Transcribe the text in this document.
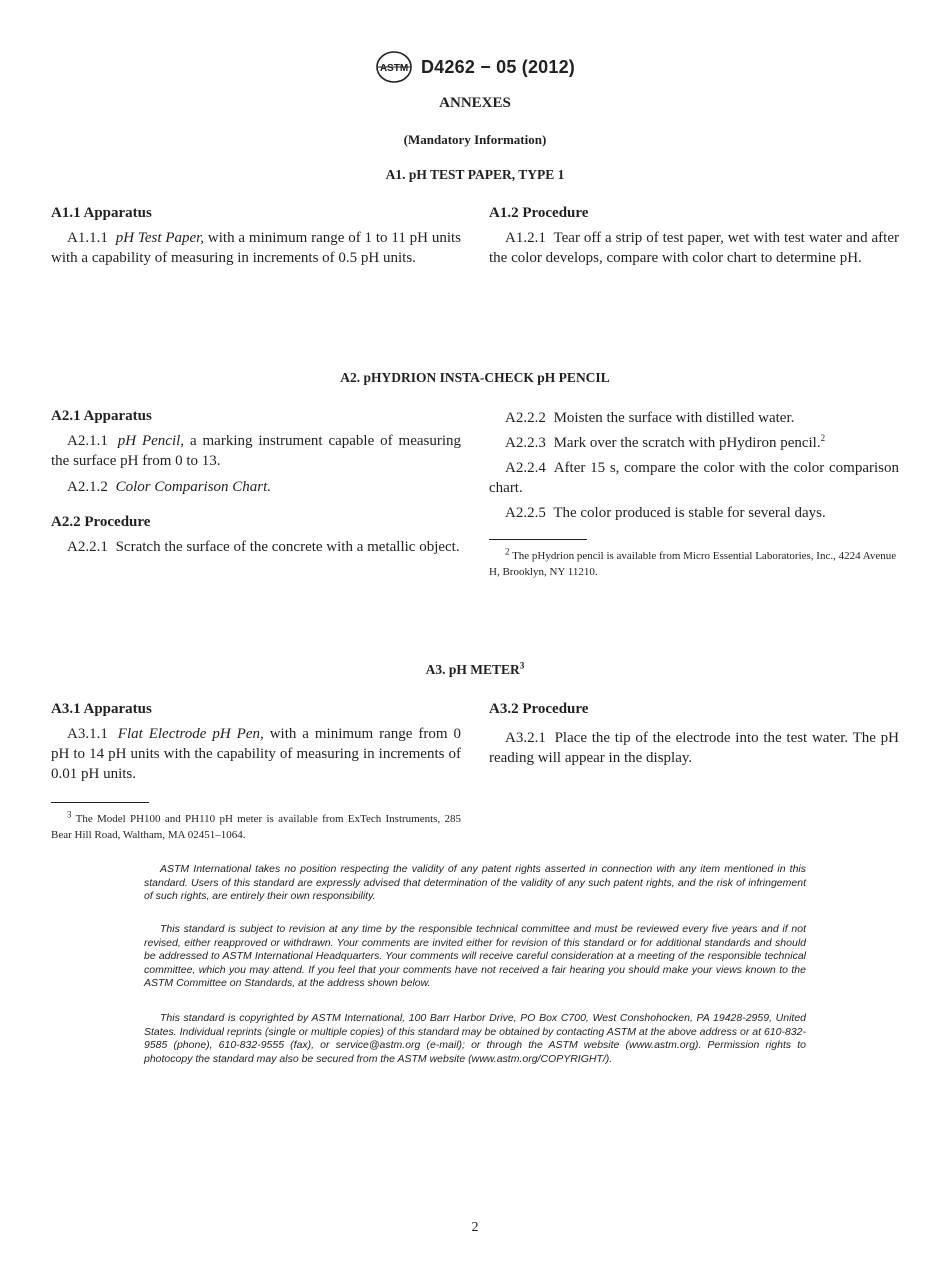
ASTM D4262 − 05 (2012)
ANNEXES
(Mandatory Information)
A1. pH TEST PAPER, TYPE 1
A1.1 Apparatus

A1.1.1 pH Test Paper, with a minimum range of 1 to 11 pH units with a capability of measuring in increments of 0.5 pH units.

A1.2 Procedure

A1.2.1 Tear off a strip of test paper, wet with test water and after the color develops, compare with color chart to determine pH.

A2. pHYDRION INSTA-CHECK pH PENCIL
A2.1 Apparatus

A2.1.1 pH Pencil, a marking instrument capable of measuring the surface pH from 0 to 13.

A2.1.2 Color Comparison Chart.

A2.2 Procedure

A2.2.1 Scratch the surface of the concrete with a metallic object.

A2.2.2 Moisten the surface with distilled water.

A2.2.3 Mark over the scratch with pHydiron pencil.$^2$

A2.2.4 After 15 s, compare the color with the color comparison chart.

A2.2.5 The color produced is stable for several days.

$^2$ The pHydrion pencil is available from Micro Essential Laboratories, Inc., 4224 Avenue H, Brooklyn, NY 11210.

A3. pH METER$^3$
A3.1 Apparatus

A3.1.1 Flat Electrode pH Pen, with a minimum range from 0 pH to 14 pH units with the capability of measuring in increments of 0.01 pH units.

$^3$ The Model PH100 and PH110 pH meter is available from ExTech Instruments, 285 Bear Hill Road, Waltham, MA 02451–1064.

A3.2 Procedure

A3.2.1 Place the tip of the electrode into the test water. The pH reading will appear in the display.

ASTM International takes no position respecting the validity of any patent rights asserted in connection with any item mentioned in this standard. Users of this standard are expressly advised that determination of the validity of any such patent rights, and the risk of infringement of such rights, are entirely their own responsibility.

This standard is subject to revision at any time by the responsible technical committee and must be reviewed every five years and if not revised, either reapproved or withdrawn. Your comments are invited either for revision of this standard or for additional standards and should be addressed to ASTM International Headquarters. Your comments will receive careful consideration at a meeting of the responsible technical committee, which you may attend. If you feel that your comments have not received a fair hearing you should make your views known to the ASTM Committee on Standards, at the address shown below.

This standard is copyrighted by ASTM International, 100 Barr Harbor Drive, PO Box C700, West Conshohocken, PA 19428-2959, United States. Individual reprints (single or multiple copies) of this standard may be obtained by contacting ASTM at the above address or at 610-832-9585 (phone), 610-832-9555 (fax), or service@astm.org (e-mail); or through the ASTM website (www.astm.org). Permission rights to photocopy the standard may also be secured from the ASTM website (www.astm.org/COPYRIGHT/).

2
